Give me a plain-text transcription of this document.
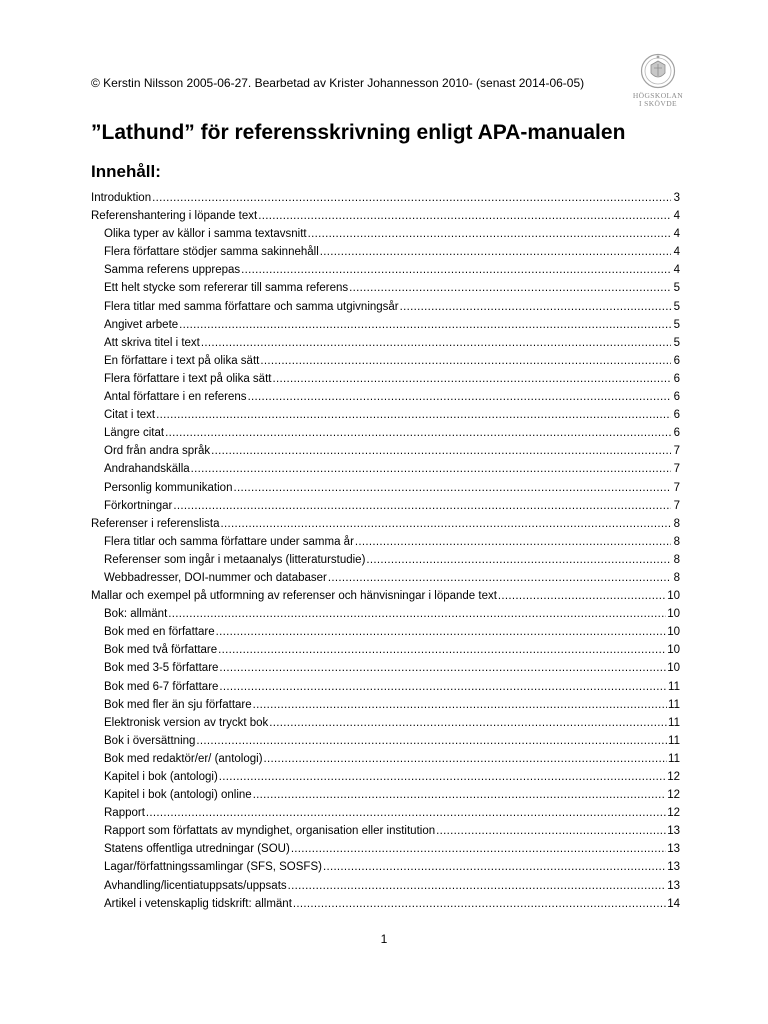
© Kerstin Nilsson 2005-06-27. Bearbetad av Krister Johannesson 2010- (senast 2014-06-05)
HÖGSKOLAN
I SKÖVDE
”Lathund” för referensskrivning enligt APA-manualen
Innehåll:
Introduktion .....	3
Referenshantering i löpande text .....	4
Olika typer av källor i samma textavsnitt .....	4
Flera författare stödjer samma sakinnehåll .....	4
Samma referens upprepas .....	4
Ett helt stycke som refererar till samma referens .....	5
Flera titlar med samma författare och samma utgivningsår .....	5
Angivet arbete .....	5
Att skriva titel i text .....	5
En författare i text på olika sätt .....	6
Flera författare i text på olika sätt .....	6
Antal författare i en referens .....	6
Citat i text .....	6
Längre citat .....	6
Ord från andra språk .....	7
Andrahandskälla .....	7
Personlig kommunikation .....	7
Förkortningar .....	7
Referenser i referenslista .....	8
Flera titlar och samma författare under samma år .....	8
Referenser som ingår i metaanalys (litteraturstudie) .....	8
Webbadresser, DOI-nummer och databaser .....	8
Mallar och exempel på utformning av referenser och hänvisningar i löpande text .....	10
Bok: allmänt .....	10
Bok med en författare .....	10
Bok med två författare .....	10
Bok med 3-5 författare .....	10
Bok med 6-7 författare .....	11
Bok med fler än sju författare .....	11
Elektronisk version av tryckt bok .....	11
Bok i översättning .....	11
Bok med redaktör/er/ (antologi) .....	11
Kapitel i bok (antologi) .....	12
Kapitel i bok (antologi) online .....	12
Rapport .....	12
Rapport som författats av myndighet, organisation eller institution .....	13
Statens offentliga utredningar (SOU) .....	13
Lagar/författningssamlingar (SFS, SOSFS) .....	13
Avhandling/licentiatuppsats/uppsats .....	13
Artikel i vetenskaplig tidskrift: allmänt .....	14
1
